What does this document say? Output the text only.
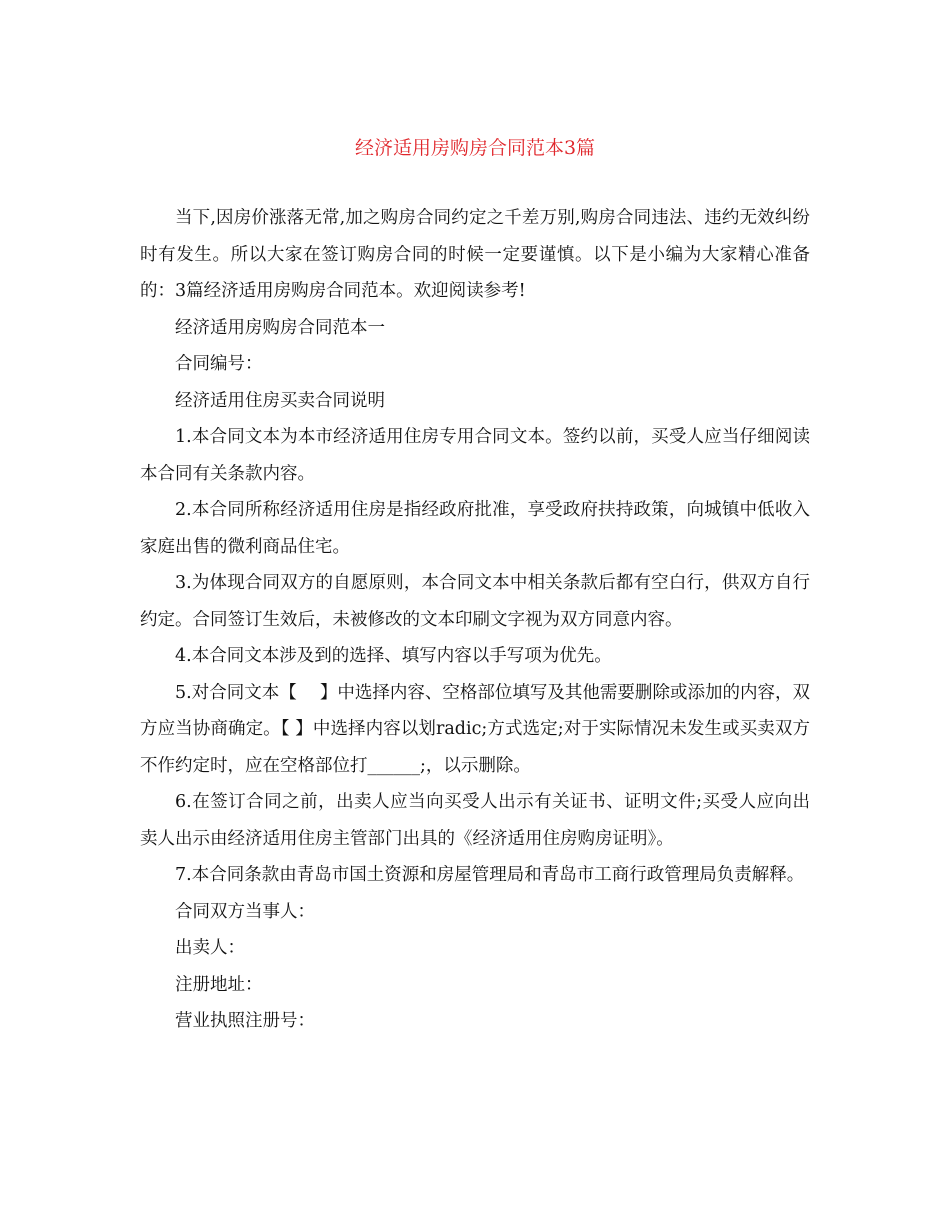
经济适用房购房合同范本3篇

当下,因房价涨落无常,加之购房合同约定之千差万别,购房合同违法、违约无效纠纷时有发生。所以大家在签订购房合同的时候一定要谨慎。以下是小编为大家精心准备的：3篇经济适用房购房合同范本。欢迎阅读参考!

经济适用房购房合同范本一

合同编号：

经济适用住房买卖合同说明

1.本合同文本为本市经济适用住房专用合同文本。签约以前，买受人应当仔细阅读本合同有关条款内容。

2.本合同所称经济适用住房是指经政府批准，享受政府扶持政策，向城镇中低收入家庭出售的微利商品住宅。

3.为体现合同双方的自愿原则，本合同文本中相关条款后都有空白行，供双方自行约定。合同签订生效后，未被修改的文本印刷文字视为双方同意内容。

4.本合同文本涉及到的选择、填写内容以手写项为优先。

5.对合同文本【　 】中选择内容、空格部位填写及其他需要删除或添加的内容，双方应当协商确定。【 】中选择内容以划radic;方式选定;对于实际情况未发生或买卖双方不作约定时，应在空格部位打______;，以示删除。

6.在签订合同之前，出卖人应当向买受人出示有关证书、证明文件;买受人应向出卖人出示由经济适用住房主管部门出具的《经济适用住房购房证明》。

7.本合同条款由青岛市国土资源和房屋管理局和青岛市工商行政管理局负责解释。

合同双方当事人：

出卖人：

注册地址：

营业执照注册号：
